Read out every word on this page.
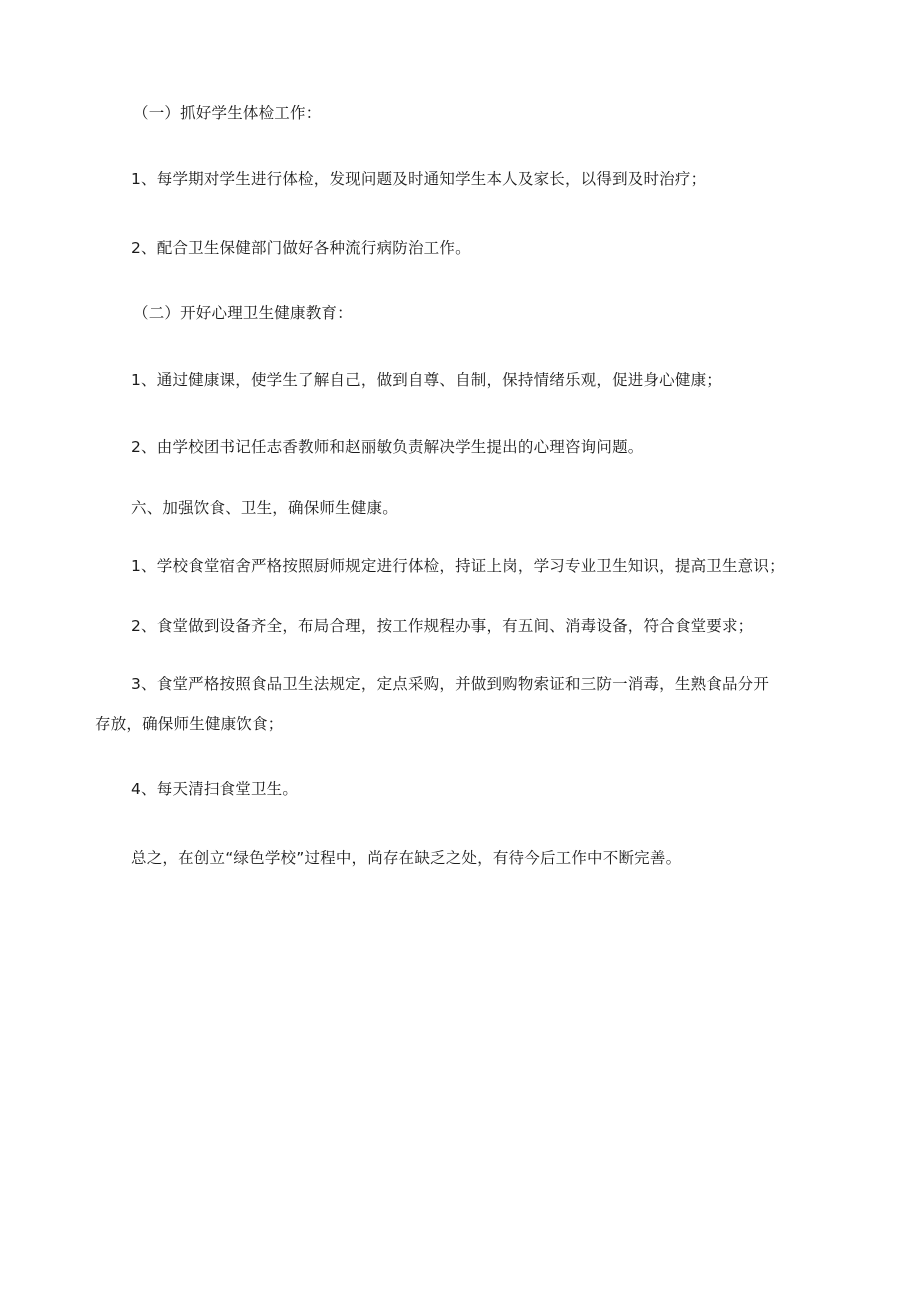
（一）抓好学生体检工作：
1、每学期对学生进行体检，发现问题及时通知学生本人及家长，以得到及时治疗；
2、配合卫生保健部门做好各种流行病防治工作。
（二）开好心理卫生健康教育：
1、通过健康课，使学生了解自己，做到自尊、自制，保持情绪乐观，促进身心健康；
2、由学校团书记任志香教师和赵丽敏负责解决学生提出的心理咨询问题。
六、加强饮食、卫生，确保师生健康。
1、学校食堂宿舍严格按照厨师规定进行体检，持证上岗，学习专业卫生知识，提高卫生意识；
2、食堂做到设备齐全，布局合理，按工作规程办事，有五间、消毒设备，符合食堂要求；
3、食堂严格按照食品卫生法规定，定点采购，并做到购物索证和三防一消毒，生熟食品分开
存放，确保师生健康饮食；
4、每天清扫食堂卫生。
总之，在创立“绿色学校”过程中，尚存在缺乏之处，有待今后工作中不断完善。
